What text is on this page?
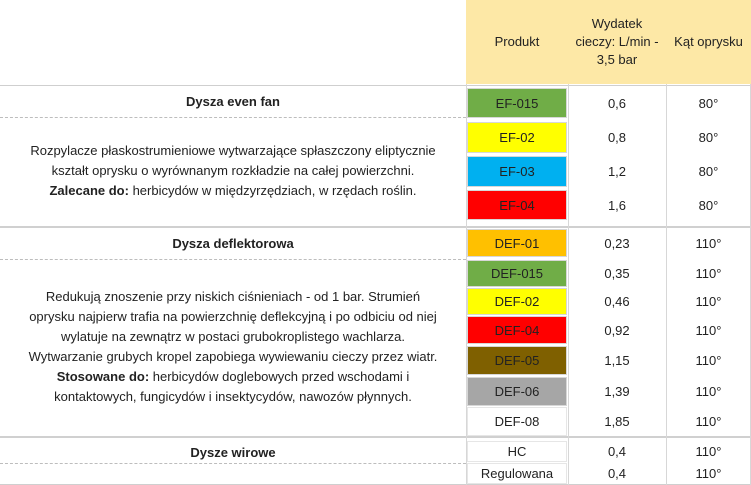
Produkt
Wydatek cieczy: L/min - 3,5 bar
Kąt oprysku
Dysza even fan
Dysza deflektorowa
Dysze wirowe
Rozpylacze płaskostrumieniowe wytwarzające spłaszczony eliptycznie
kształt oprysku o wyrównanym rozkładzie na całej powierzchni.
Zalecane do: herbicydów w międzyrzędziach, w rzędach roślin.
Redukują znoszenie przy niskich ciśnieniach - od 1 bar. Strumień
oprysku najpierw trafia na powierzchnię deflekcyjną i po odbiciu od niej
wylatuje na zewnątrz w postaci grubokroplistego wachlarza.
Wytwarzanie grubych kropel zapobiega wywiewaniu cieczy przez wiatr.
Stosowane do: herbicydów doglebowych przed wschodami i
kontaktowych, fungicydów i insektycydów, nawozów płynnych.
EF-015	0,6	80°
EF-02	0,8	80°
EF-03	1,2	80°
EF-04	1,6	80°
DEF-01	0,23	110°
DEF-015	0,35	110°
DEF-02	0,46	110°
DEF-04	0,92	110°
DEF-05	1,15	110°
DEF-06	1,39	110°
DEF-08	1,85	110°
HC	0,4	110°
Regulowana	0,4	110°
